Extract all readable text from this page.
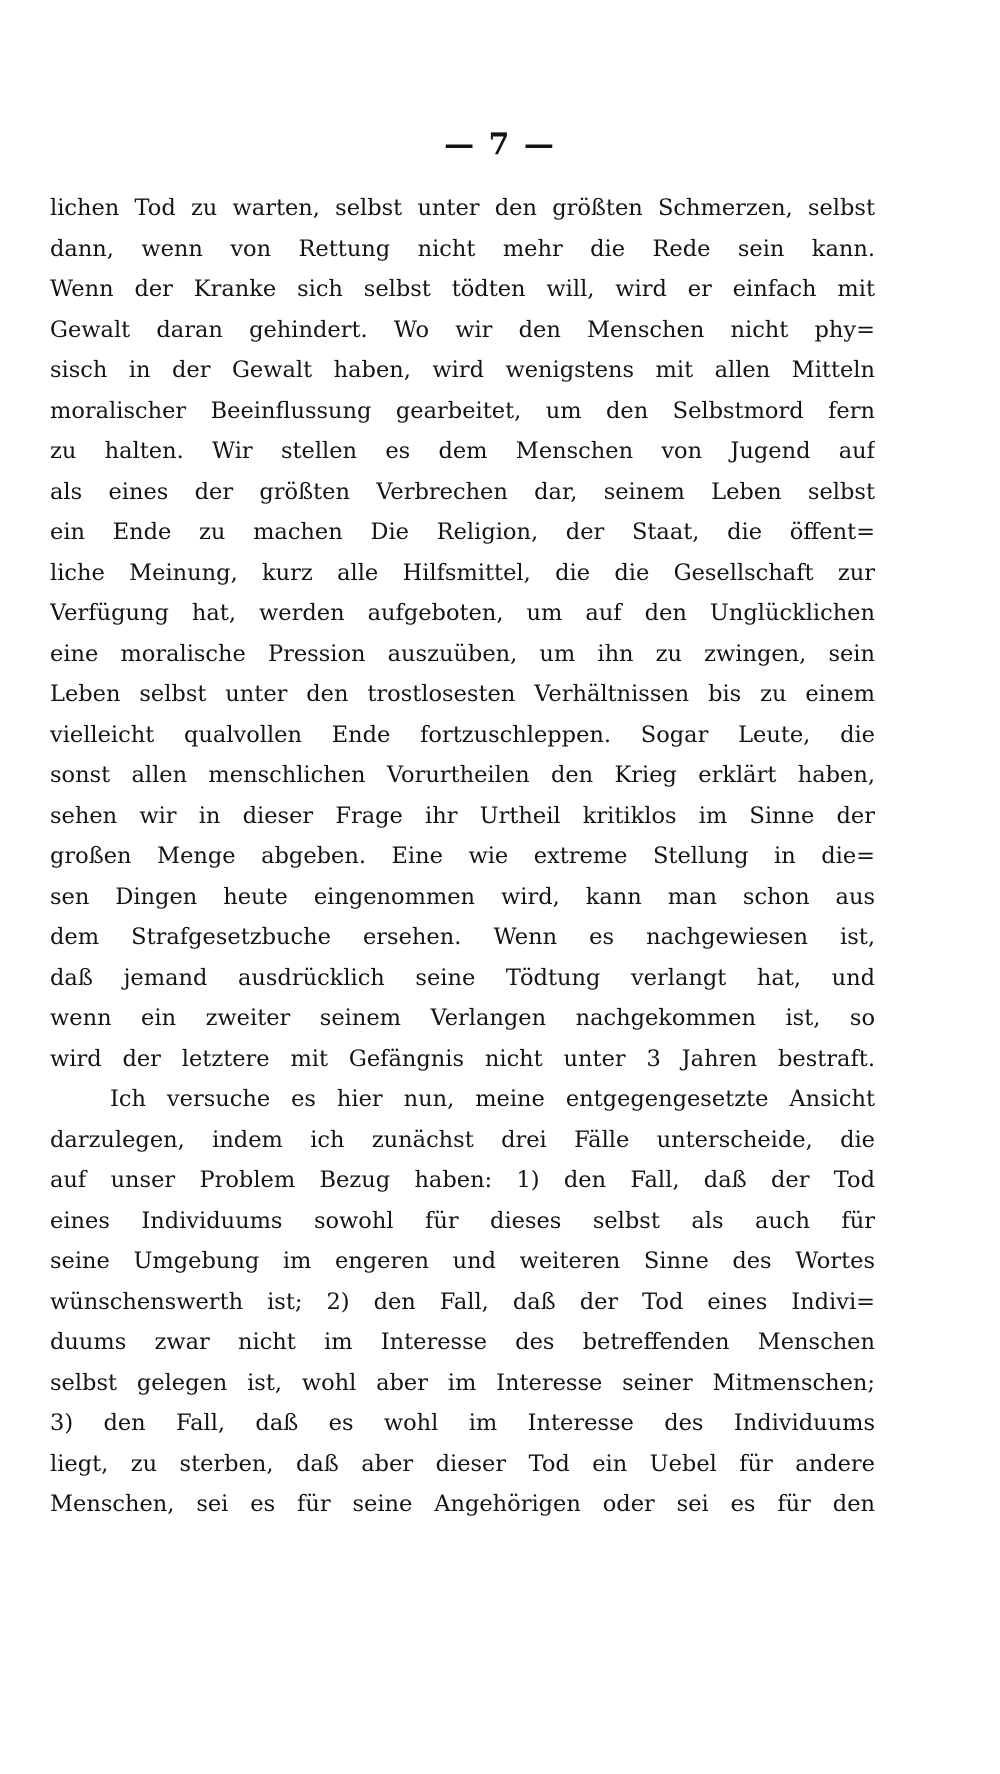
— 7 —
lichen Tod zu warten, selbst unter den größten Schmerzen, selbst
dann, wenn von Rettung nicht mehr die Rede sein kann.
Wenn der Kranke sich selbst tödten will, wird er einfach mit
Gewalt daran gehindert. Wo wir den Menschen nicht phy=
sisch in der Gewalt haben, wird wenigstens mit allen Mitteln
moralischer Beeinflussung gearbeitet, um den Selbstmord fern
zu halten. Wir stellen es dem Menschen von Jugend auf
als eines der größten Verbrechen dar, seinem Leben selbst
ein Ende zu machen Die Religion, der Staat, die öffent=
liche Meinung, kurz alle Hilfsmittel, die die Gesellschaft zur
Verfügung hat, werden aufgeboten, um auf den Unglücklichen
eine moralische Pression auszuüben, um ihn zu zwingen, sein
Leben selbst unter den trostlosesten Verhältnissen bis zu einem
vielleicht qualvollen Ende fortzuschleppen. Sogar Leute, die
sonst allen menschlichen Vorurtheilen den Krieg erklärt haben,
sehen wir in dieser Frage ihr Urtheil kritiklos im Sinne der
großen Menge abgeben. Eine wie extreme Stellung in die=
sen Dingen heute eingenommen wird, kann man schon aus
dem Strafgesetzbuche ersehen. Wenn es nachgewiesen ist,
daß jemand ausdrücklich seine Tödtung verlangt hat, und
wenn ein zweiter seinem Verlangen nachgekommen ist, so
wird der letztere mit Gefängnis nicht unter 3 Jahren bestraft.
Ich versuche es hier nun, meine entgegengesetzte Ansicht
darzulegen, indem ich zunächst drei Fälle unterscheide, die
auf unser Problem Bezug haben: 1) den Fall, daß der Tod
eines Individuums sowohl für dieses selbst als auch für
seine Umgebung im engeren und weiteren Sinne des Wortes
wünschenswerth ist; 2) den Fall, daß der Tod eines Indivi=
duums zwar nicht im Interesse des betreffenden Menschen
selbst gelegen ist, wohl aber im Interesse seiner Mitmenschen;
3) den Fall, daß es wohl im Interesse des Individuums
liegt, zu sterben, daß aber dieser Tod ein Uebel für andere
Menschen, sei es für seine Angehörigen oder sei es für den
